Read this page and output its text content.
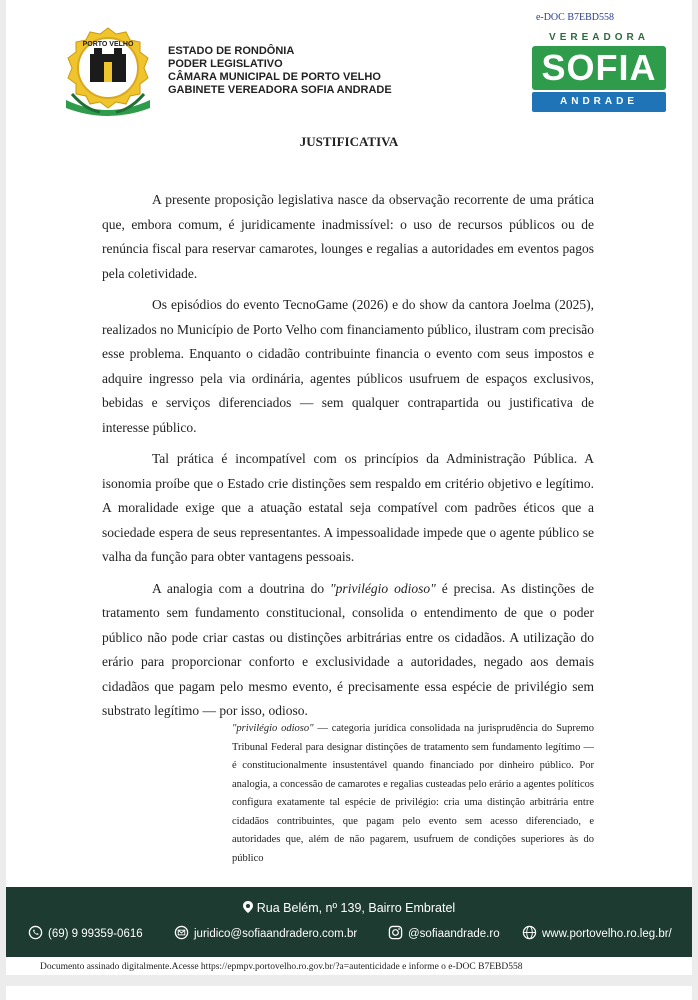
e-DOC B7EBD558
PORTO VELHO
ESTADO DE RONDÔNIA
PODER LEGISLATIVO
CÂMARA MUNICIPAL DE PORTO VELHO
GABINETE VEREADORA SOFIA ANDRADE
VEREADORA
SOFIA
ANDRADE
JUSTIFICATIVA

A presente proposição legislativa nasce da observação recorrente de uma prática que, embora comum, é juridicamente inadmissível: o uso de recursos públicos ou de renúncia fiscal para reservar camarotes, lounges e regalias a autoridades em eventos pagos pela coletividade.

Os episódios do evento TecnoGame (2026) e do show da cantora Joelma (2025), realizados no Município de Porto Velho com financiamento público, ilustram com precisão esse problema. Enquanto o cidadão contribuinte financia o evento com seus impostos e adquire ingresso pela via ordinária, agentes públicos usufruem de espaços exclusivos, bebidas e serviços diferenciados — sem qualquer contrapartida ou justificativa de interesse público.

Tal prática é incompatível com os princípios da Administração Pública. A isonomia proíbe que o Estado crie distinções sem respaldo em critério objetivo e legítimo. A moralidade exige que a atuação estatal seja compatível com padrões éticos que a sociedade espera de seus representantes. A impessoalidade impede que o agente público se valha da função para obter vantagens pessoais.

A analogia com a doutrina do "privilégio odioso" é precisa. As distinções de tratamento sem fundamento constitucional, consolida o entendimento de que o poder público não pode criar castas ou distinções arbitrárias entre os cidadãos. A utilização do erário para proporcionar conforto e exclusividade a autoridades, negado aos demais cidadãos que pagam pelo mesmo evento, é precisamente essa espécie de privilégio sem substrato legítimo — por isso, odioso.

"privilégio odioso" — categoria jurídica consolidada na jurisprudência do Supremo Tribunal Federal para designar distinções de tratamento sem fundamento legítimo — é constitucionalmente insustentável quando financiado por dinheiro público. Por analogia, a concessão de camarotes e regalias custeadas pelo erário a agentes políticos configura exatamente tal espécie de privilégio: cria uma distinção arbitrária entre cidadãos contribuintes, que pagam pelo evento sem acesso diferenciado, e autoridades que, além de não pagarem, usufruem de condições superiores às do público

Rua Belém, nº 139, Bairro Embratel
(69) 9 99359-0616	juridico@sofiaandradero.com.br	@sofiaandrade.ro	www.portovelho.ro.leg.br/
Documento assinado digitalmente.Acesse https://epmpv.portovelho.ro.gov.br/?a=autenticidade e informe o e-DOC B7EBD558
